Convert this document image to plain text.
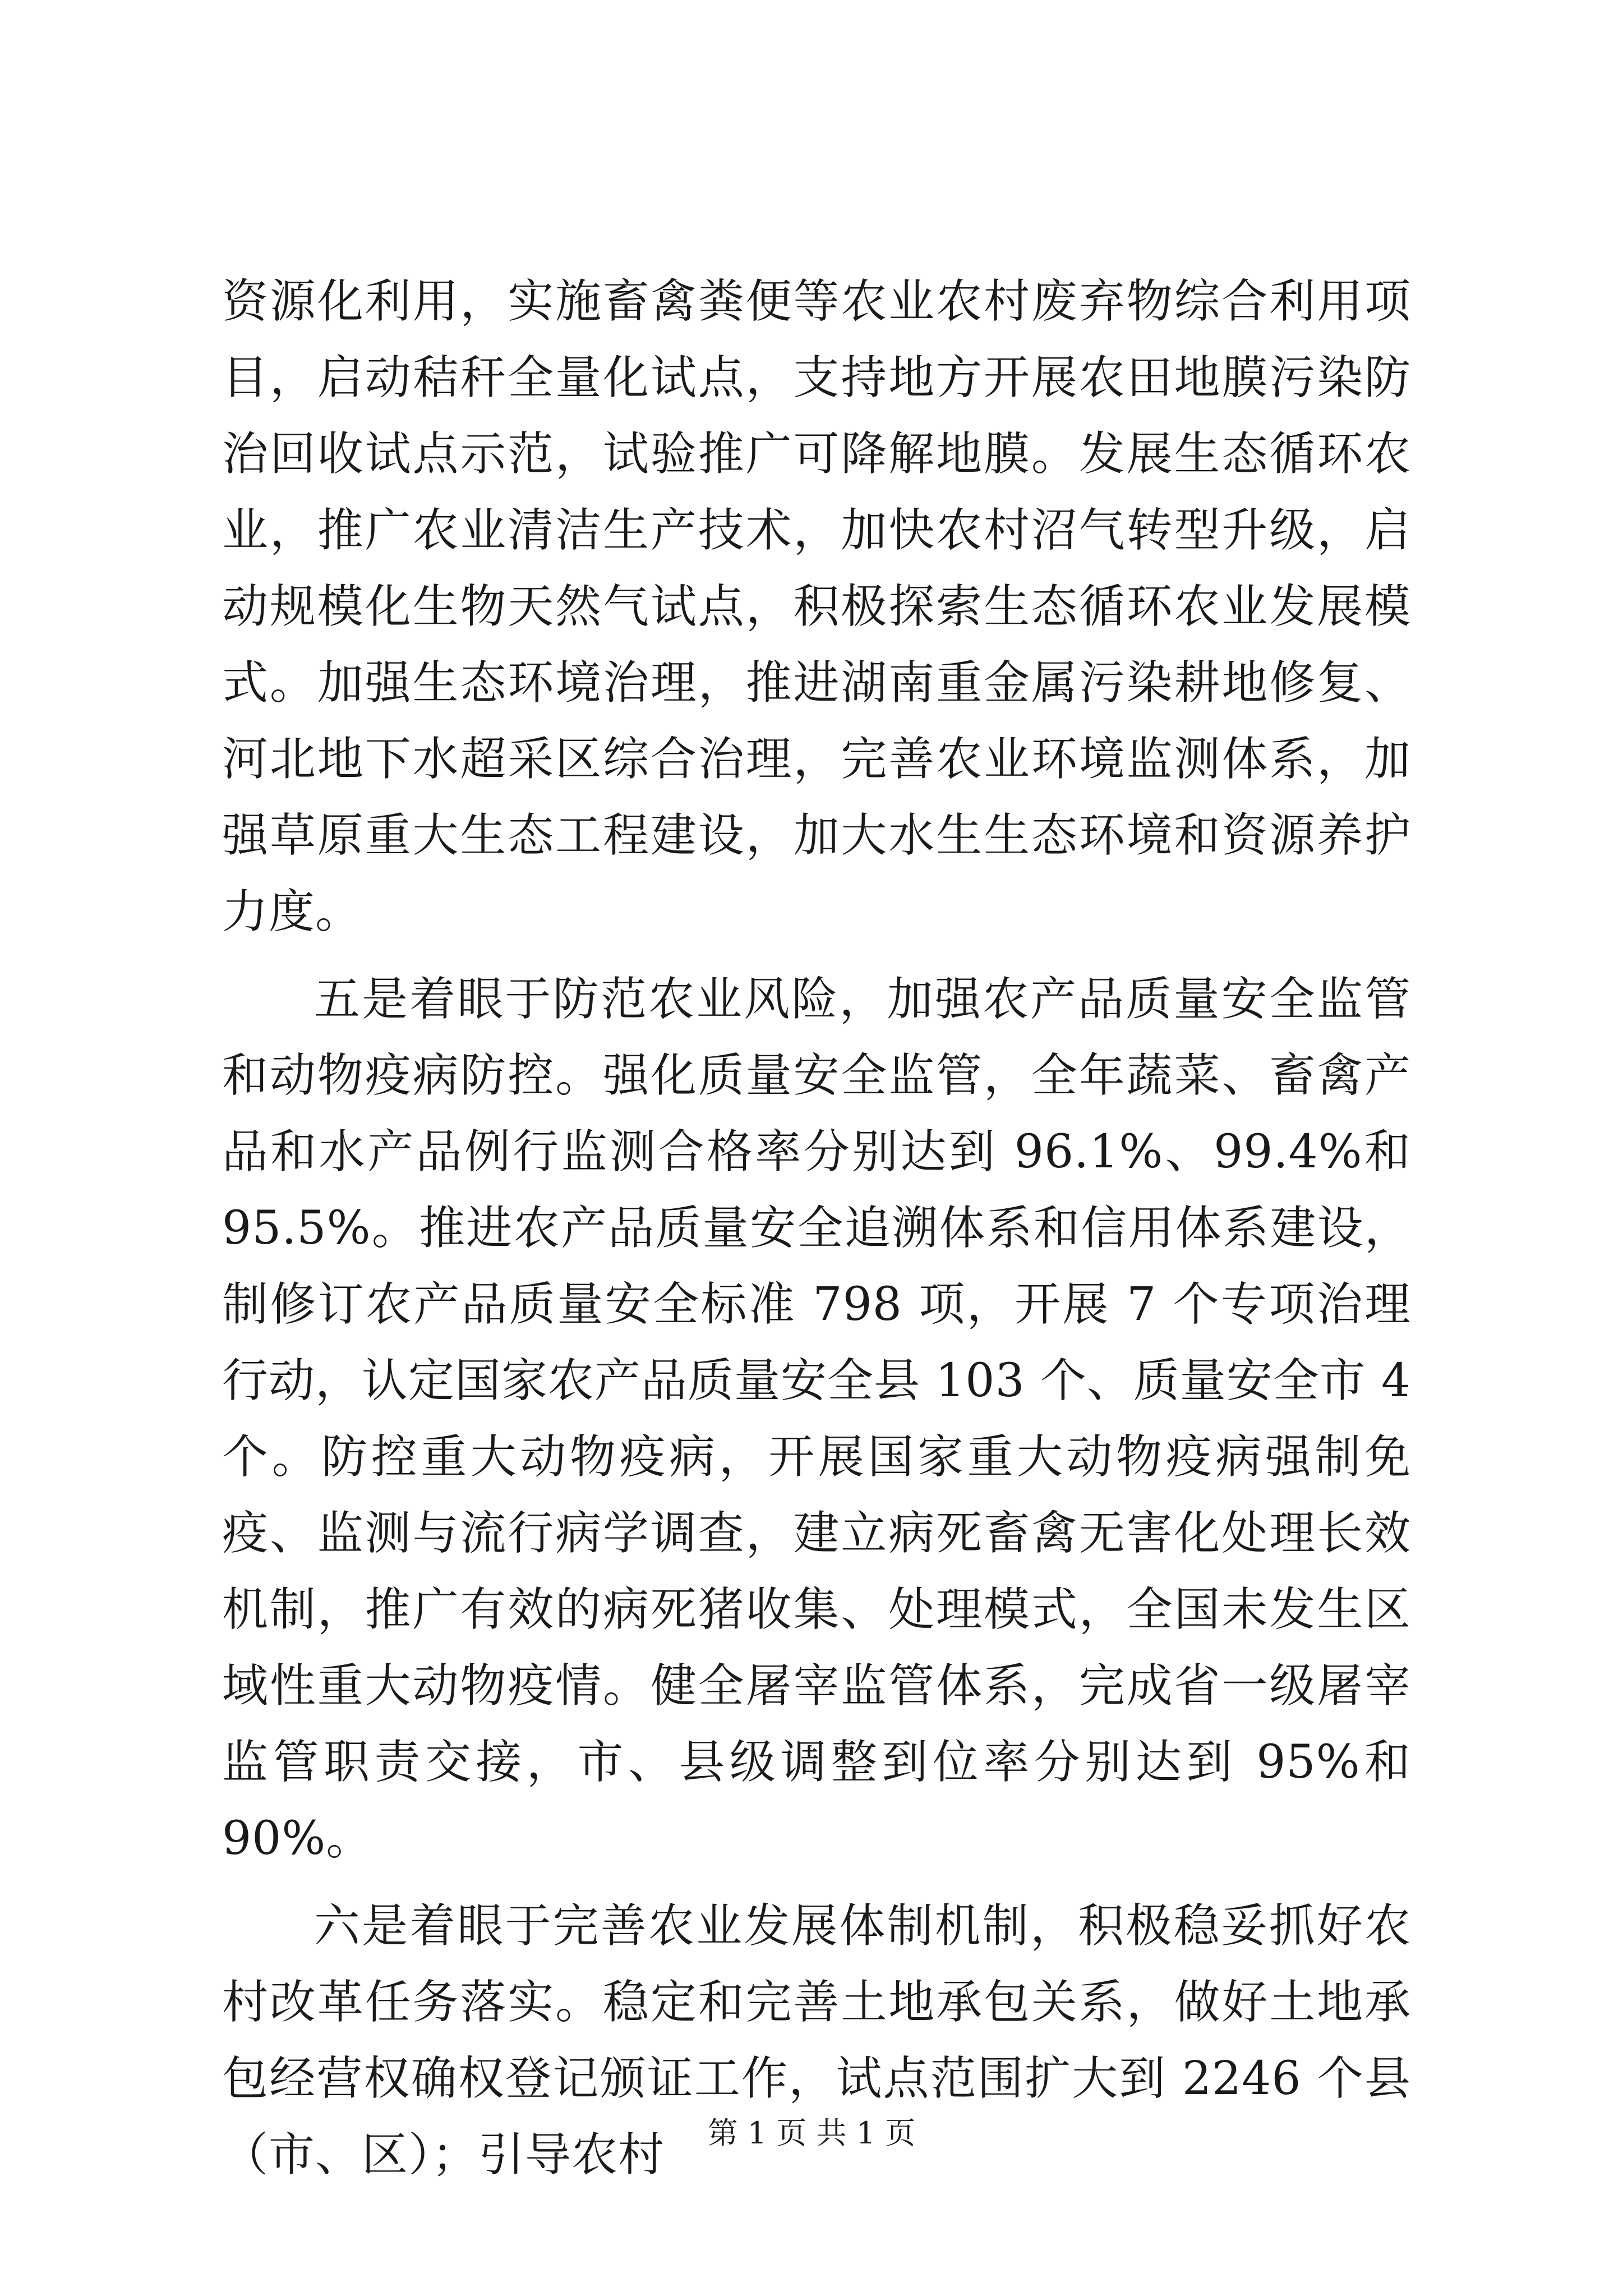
资源化利用，实施畜禽粪便等农业农村废弃物综合利用项目，启动秸秆全量化试点，支持地方开展农田地膜污染防治回收试点示范，试验推广可降解地膜。发展生态循环农业，推广农业清洁生产技术，加快农村沼气转型升级，启动规模化生物天然气试点，积极探索生态循环农业发展模式。加强生态环境治理，推进湖南重金属污染耕地修复、河北地下水超采区综合治理，完善农业环境监测体系，加强草原重大生态工程建设，加大水生生态环境和资源养护力度。

五是着眼于防范农业风险，加强农产品质量安全监管和动物疫病防控。强化质量安全监管，全年蔬菜、畜禽产品和水产品例行监测合格率分别达到 96.1%、99.4%和 95.5%。推进农产品质量安全追溯体系和信用体系建设，制修订农产品质量安全标准 798 项，开展 7 个专项治理行动，认定国家农产品质量安全县 103 个、质量安全市 4 个。防控重大动物疫病，开展国家重大动物疫病强制免疫、监测与流行病学调查，建立病死畜禽无害化处理长效机制，推广有效的病死猪收集、处理模式，全国未发生区域性重大动物疫情。健全屠宰监管体系，完成省一级屠宰监管职责交接，市、县级调整到位率分别达到 95%和 90%。

六是着眼于完善农业发展体制机制，积极稳妥抓好农村改革任务落实。稳定和完善土地承包关系，做好土地承包经营权确权登记颁证工作，试点范围扩大到 2246 个县（市、区）；引导农村	第 1 页 共 1 页
